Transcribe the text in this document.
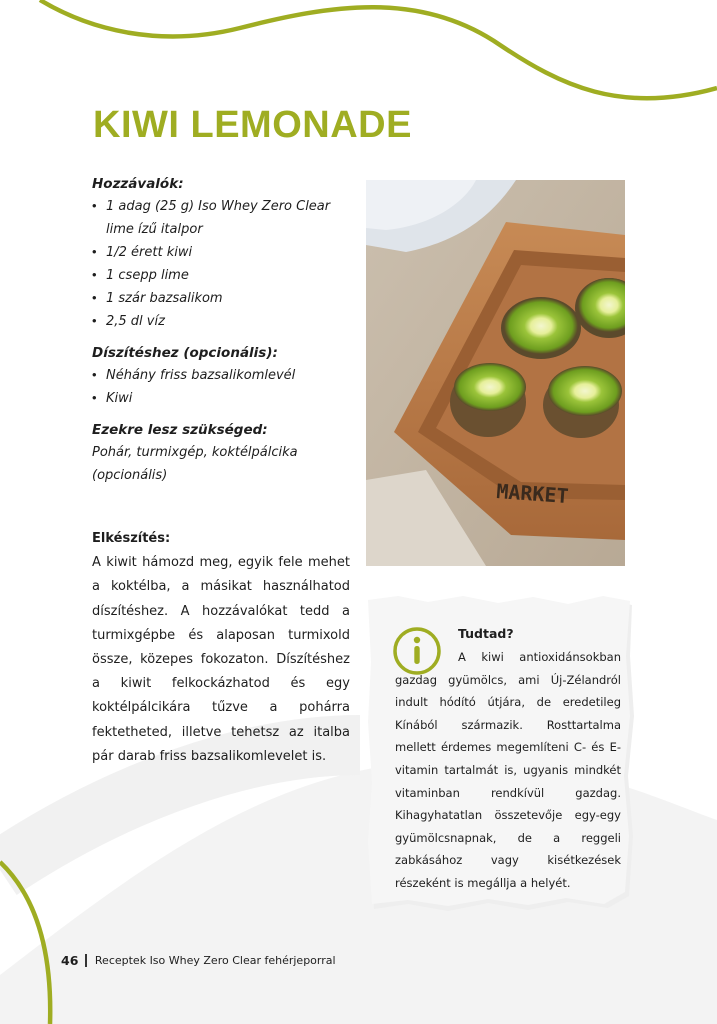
KIWI LEMONADE

Hozzávalók:

• 1 adag (25 g) Iso Whey Zero Clear lime ízű italpor
• 1/2 érett kiwi
• 1 csepp lime
• 1 szár bazsalikom
• 2,5 dl víz

Díszítéshez (opcionális):

• Néhány friss bazsalikomlevél
• Kiwi

Ezekre lesz szükséged:

Pohár, turmixgép, koktélpálcika (opcionális)

Elkészítés:

A kiwit hámozd meg, egyik fele mehet a koktélba, a másikat használhatod díszítéshez. A hozzávalókat tedd a turmixgépbe és alaposan turmixold össze, közepes fokozaton. Díszítéshez a kiwit felkockázhatod és egy koktélpálcikára tűzve a pohárra fektetheted, illetve tehetsz az italba pár darab friss bazsalikomlevelet is.

MARKET

Tudtad?

A kiwi antioxidánsokban gazdag gyümölcs, ami Új-Zélandról indult hódító útjára, de eredetileg Kínából származik. Rosttartalma mellett érdemes megemlíteni C- és E-vitamin tartalmát is, ugyanis mindkét vitaminban rendkívül gazdag. Kihagyhatatlan összetevője egy-egy gyümölcsnapnak, de a reggeli zabkásához vagy kisétkezések részeként is megállja a helyét.

46 Receptek Iso Whey Zero Clear fehérjeporral
